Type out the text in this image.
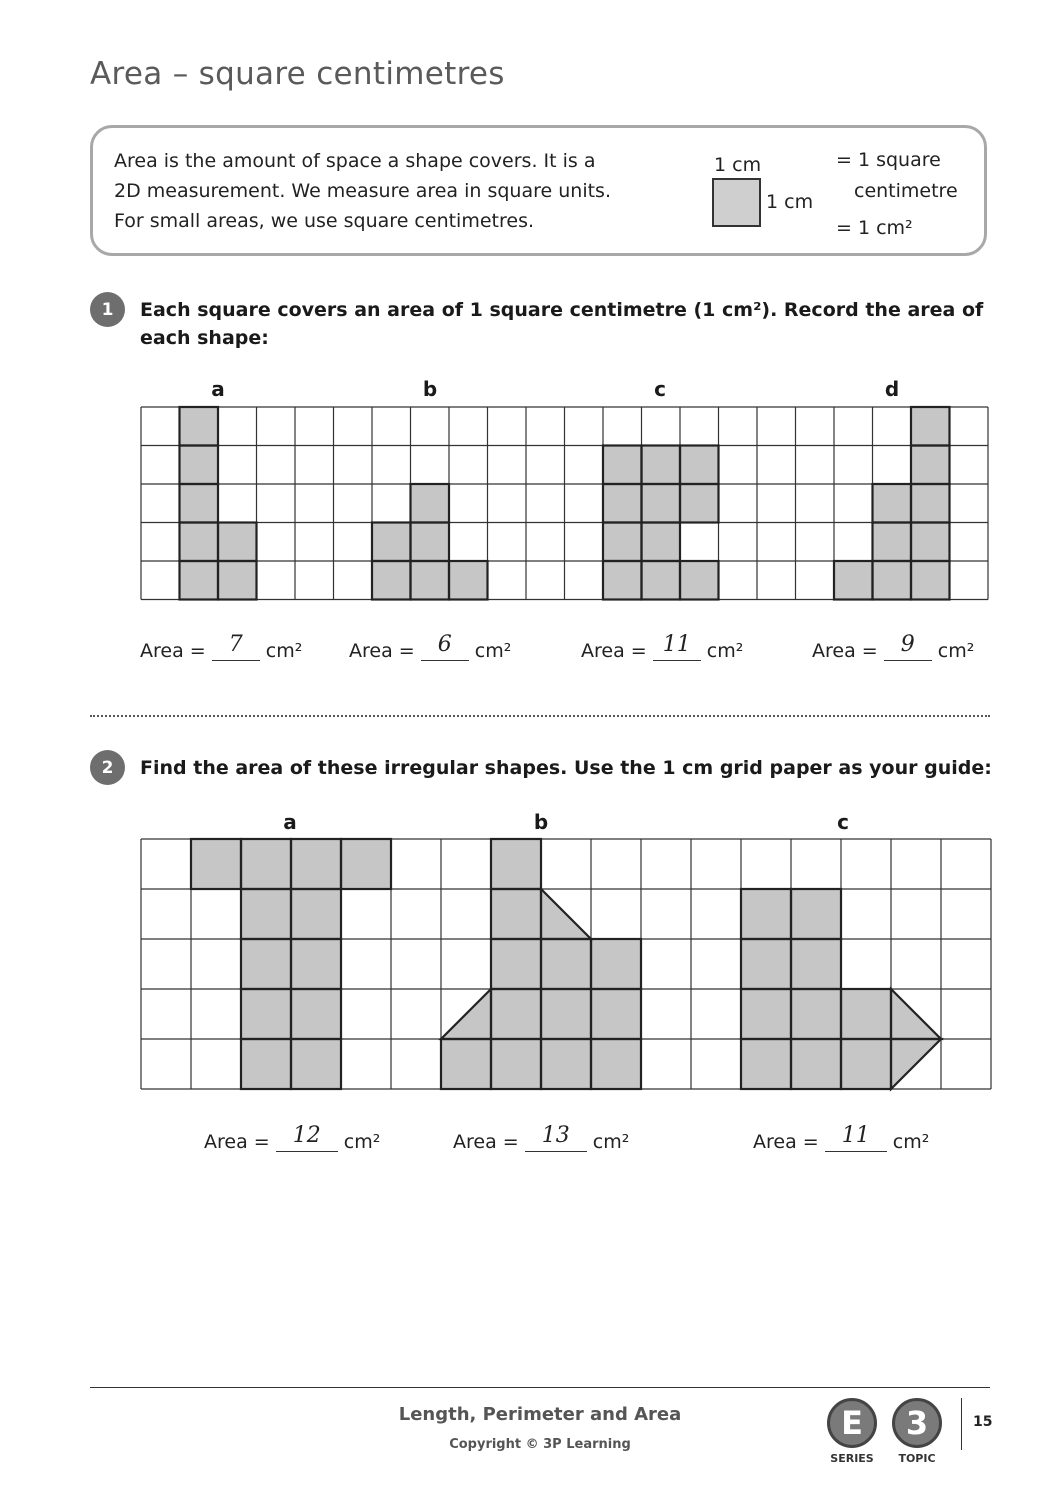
Area – square centimetres
Area is the amount of space a shape covers. It is a
2D measurement. We measure area in square units.
For small areas, we use square centimetres.
1 cm
1 cm
= 1 square
centimetre
= 1 cm²
1	Each square covers an area of 1 square centimetre (1 cm²). Record the area of
each shape:
a	b	c	d
Area = 7 cm² Area = 6 cm²	Area = 11 cm²	Area = 9 cm²
2	Find the area of these irregular shapes. Use the 1 cm grid paper as your guide:
a	b	c
Area = 12 cm²	Area = 13 cm²	Area = 11 cm²
Length, Perimeter and Area
Copyright © 3P Learning
E
SERIES
3
TOPIC
15
